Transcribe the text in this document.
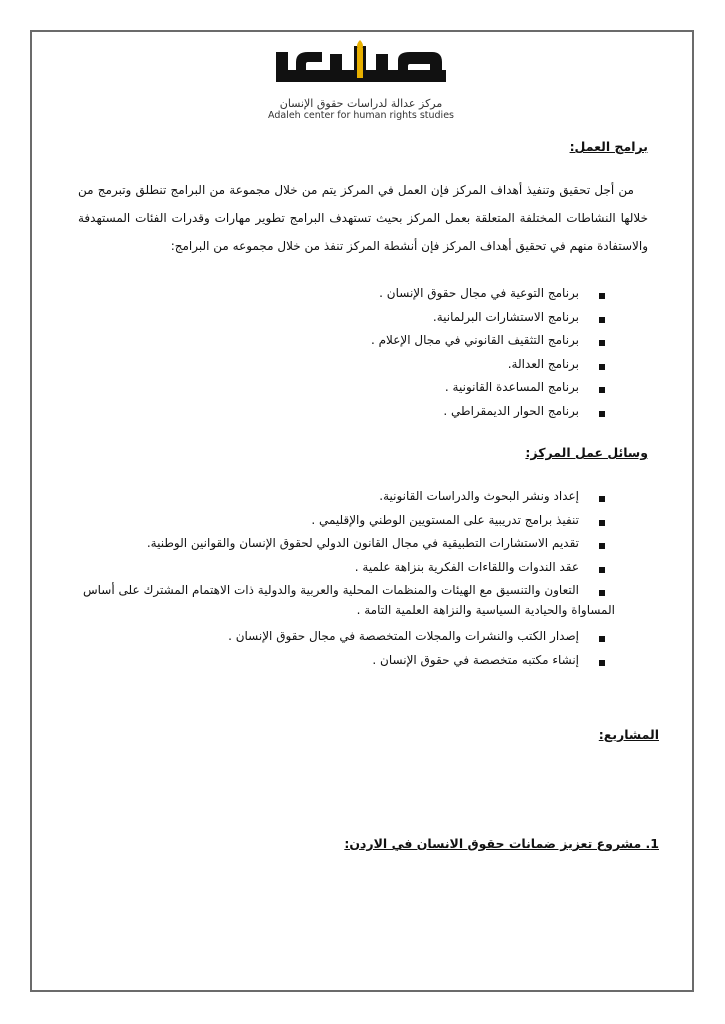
مركز عدالة لدراسات حقوق الإنسان
Adaleh center for human rights studies
برامج العمل:
من أجل تحقيق وتنفيذ أهداف المركز فإن العمل في المركز يتم من خلال مجموعة من البرامج تنطلق وتبرمج من خلالها النشاطات المختلفة المتعلقة بعمل المركز بحيث تستهدف البرامج تطوير مهارات وقدرات الفئات المستهدفة والاستفادة منهم في تحقيق أهداف المركز فإن أنشطة المركز تنفذ من خلال مجموعه من البرامج:
برنامج التوعية في مجال حقوق الإنسان .
برنامج الاستشارات البرلمانية.
برنامج التثقيف القانوني في مجال الإعلام .
برنامج العدالة.
برنامج المساعدة القانونية .
برنامج الحوار الديمقراطي .
وسائل عمل المركز:
إعداد ونشر البحوث والدراسات القانونية.
تنفيذ برامج تدريبية على المستويين الوطني والإقليمي .
تقديم الاستشارات التطبيقية في مجال القانون الدولي لحقوق الإنسان والقوانين الوطنية.
عقد الندوات واللقاءات الفكرية بنزاهة علمية .
التعاون والتنسيق مع الهيئات والمنظمات المحلية والعربية والدولية ذات الاهتمام المشترك على أساس
المساواة والحيادية السياسية والنزاهة العلمية التامة .
إصدار الكتب والنشرات والمجلات المتخصصة في مجال حقوق الإنسان .
إنشاء مكتبه متخصصة في حقوق الإنسان .
المشاريع:
1. مشروع تعزيز ضمانات حقوق الانسان في الاردن:
